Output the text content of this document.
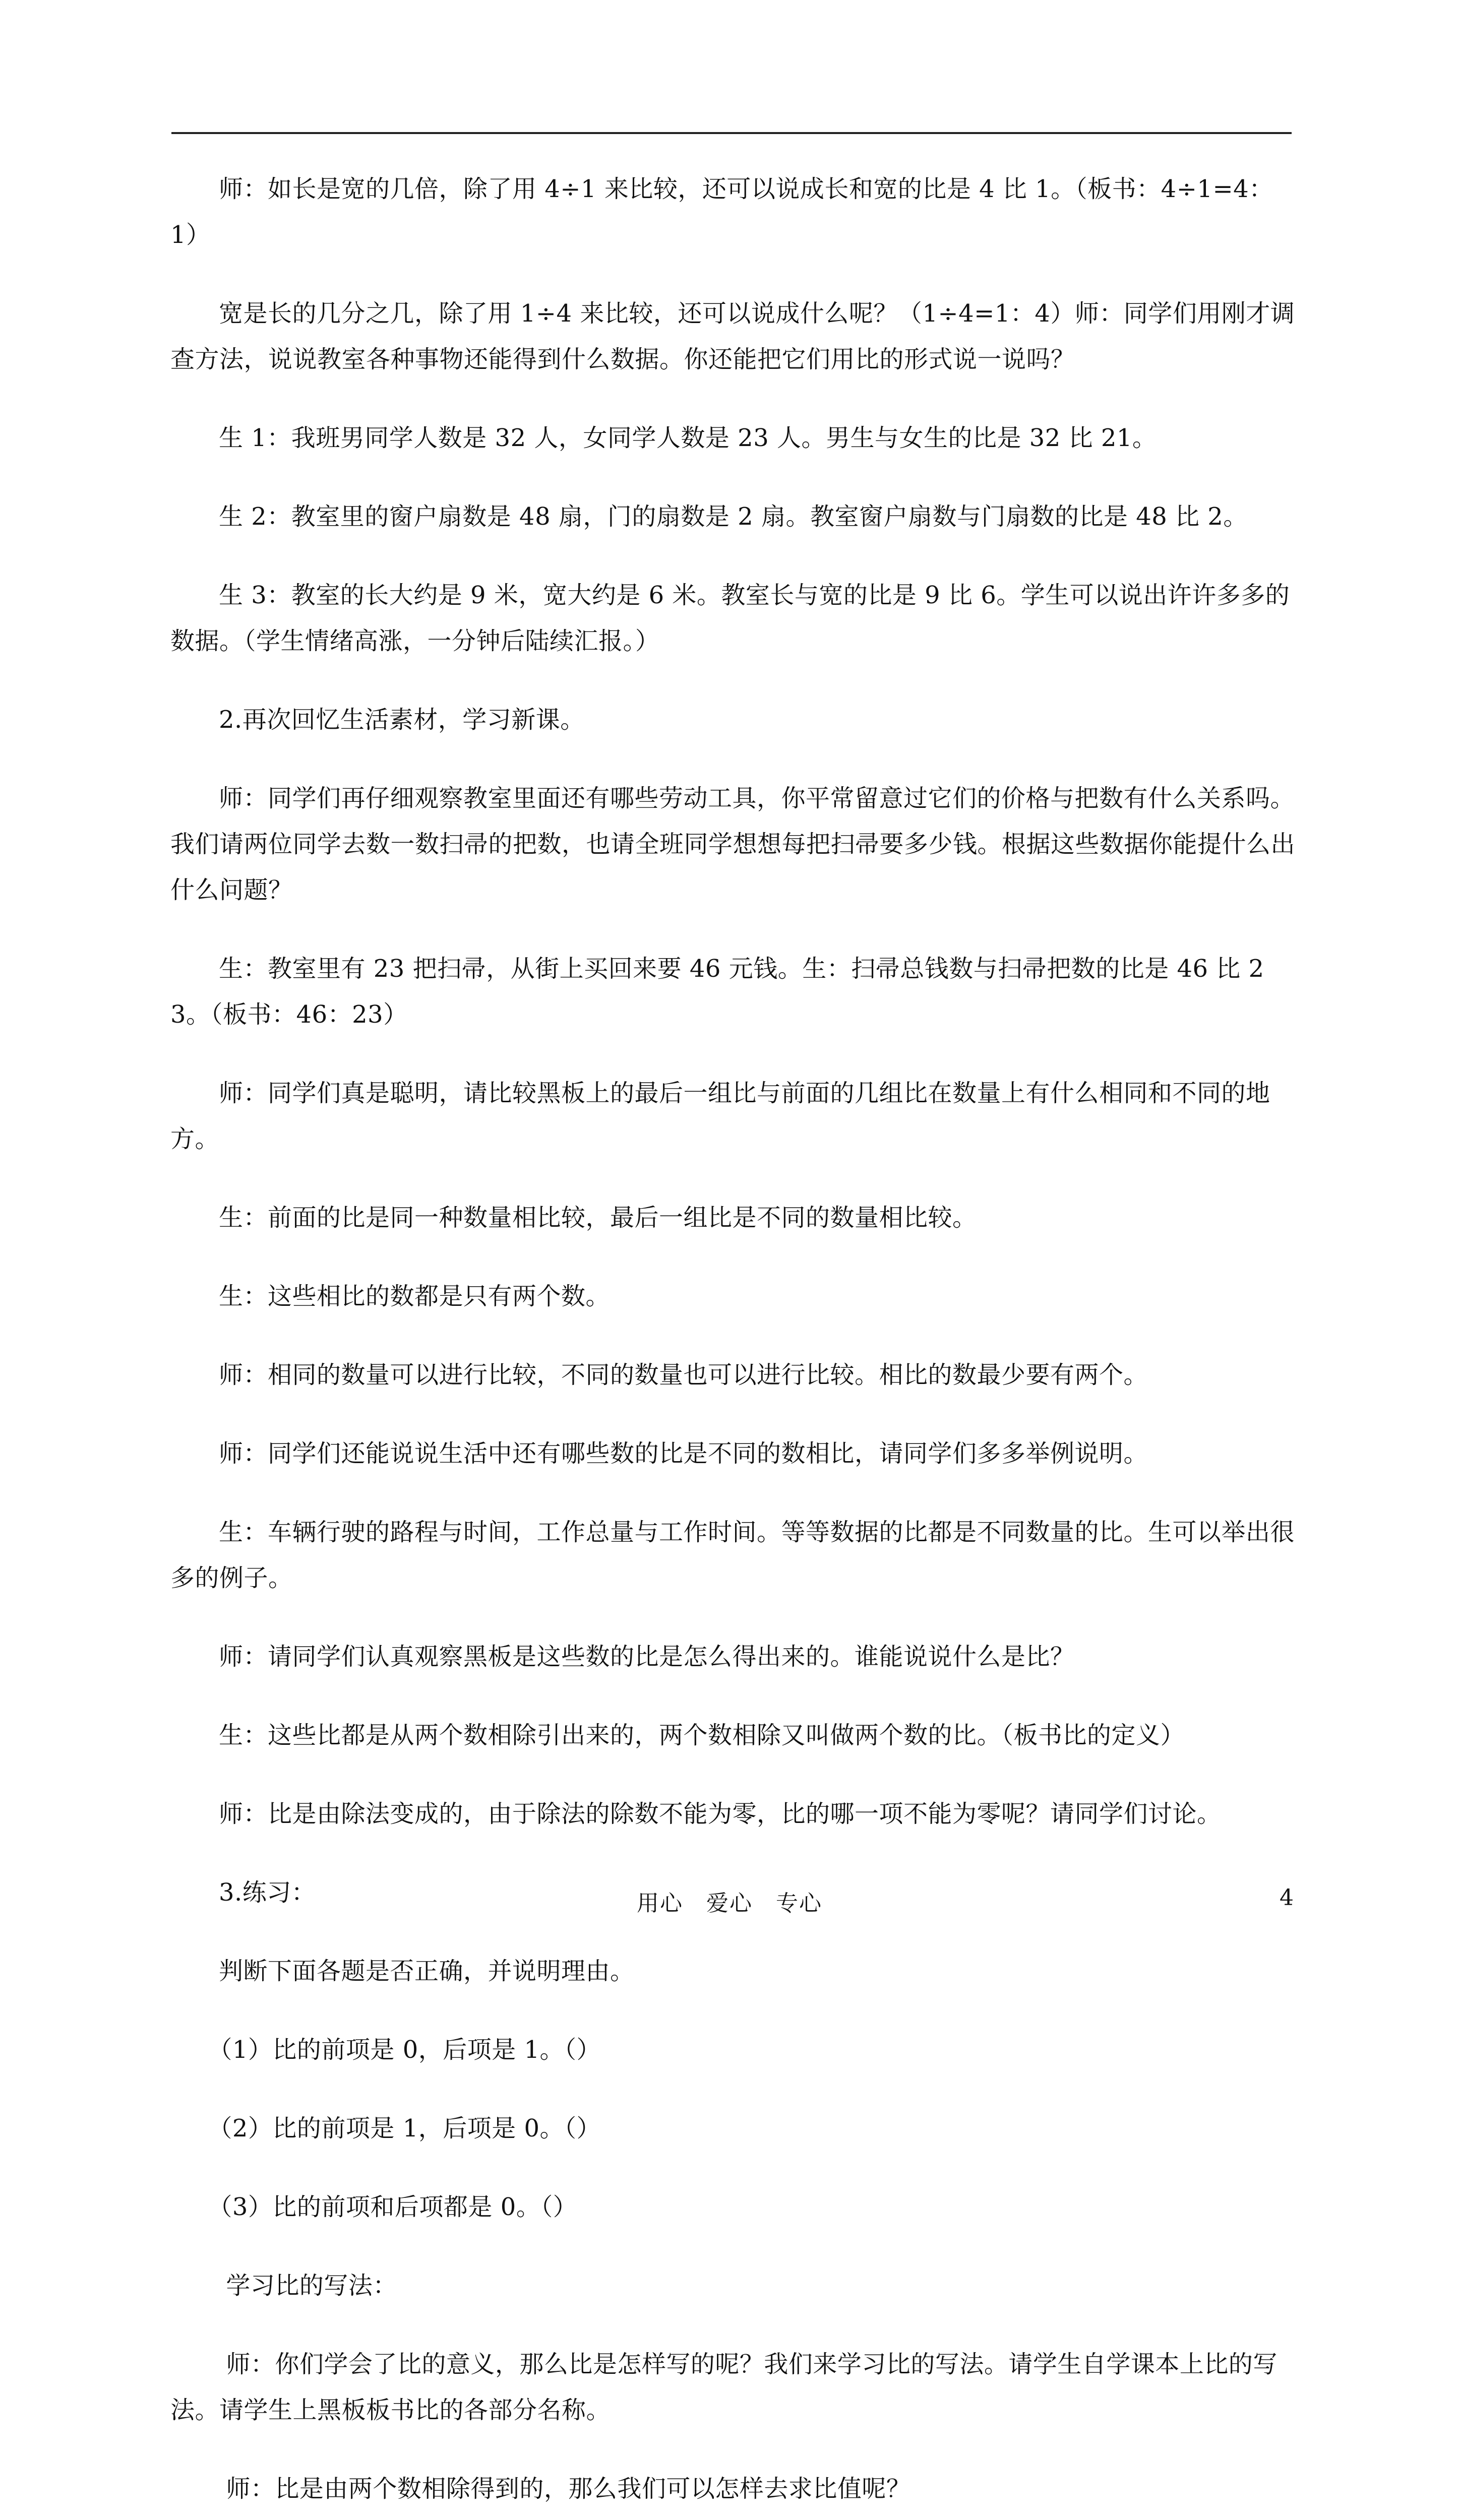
师：如长是宽的几倍，除了用 4÷1 来比较，还可以说成长和宽的比是 4 比 1。（板书：4÷1=4：1）

宽是长的几分之几，除了用 1÷4 来比较，还可以说成什么呢？（1÷4=1：4）师：同学们用刚才调查方法，说说教室各种事物还能得到什么数据。你还能把它们用比的形式说一说吗？

生 1：我班男同学人数是 32 人，女同学人数是 23 人。男生与女生的比是 32 比 21。

生 2：教室里的窗户扇数是 48 扇，门的扇数是 2 扇。教室窗户扇数与门扇数的比是 48 比 2。

生 3：教室的长大约是 9 米，宽大约是 6 米。教室长与宽的比是 9 比 6。学生可以说出许许多多的数据。（学生情绪高涨，一分钟后陆续汇报。）

2.再次回忆生活素材，学习新课。

师：同学们再仔细观察教室里面还有哪些劳动工具，你平常留意过它们的价格与把数有什么关系吗。我们请两位同学去数一数扫帚的把数，也请全班同学想想每把扫帚要多少钱。根据这些数据你能提什么出什么问题？

生：教室里有 23 把扫帚，从街上买回来要 46 元钱。生：扫帚总钱数与扫帚把数的比是 46 比 23。（板书：46：23）

师：同学们真是聪明，请比较黑板上的最后一组比与前面的几组比在数量上有什么相同和不同的地方。

生：前面的比是同一种数量相比较，最后一组比是不同的数量相比较。

生：这些相比的数都是只有两个数。

师：相同的数量可以进行比较，不同的数量也可以进行比较。相比的数最少要有两个。

师：同学们还能说说生活中还有哪些数的比是不同的数相比，请同学们多多举例说明。

生：车辆行驶的路程与时间，工作总量与工作时间。等等数据的比都是不同数量的比。生可以举出很多的例子。

师：请同学们认真观察黑板是这些数的比是怎么得出来的。谁能说说什么是比？

生：这些比都是从两个数相除引出来的，两个数相除又叫做两个数的比。（板书比的定义）

师：比是由除法变成的，由于除法的除数不能为零，比的哪一项不能为零呢？请同学们讨论。

3.练习：

判断下面各题是否正确，并说明理由。

（1）比的前项是 0，后项是 1。（）

（2）比的前项是 1，后项是 0。（）

（3）比的前项和后项都是 0。（）

学习比的写法：

师：你们学会了比的意义，那么比是怎样写的呢？我们来学习比的写法。请学生自学课本上比的写法。请学生上黑板板书比的各部分名称。

师：比是由两个数相除得到的，那么我们可以怎样去求比值呢？

用心　爱心　专心	4
